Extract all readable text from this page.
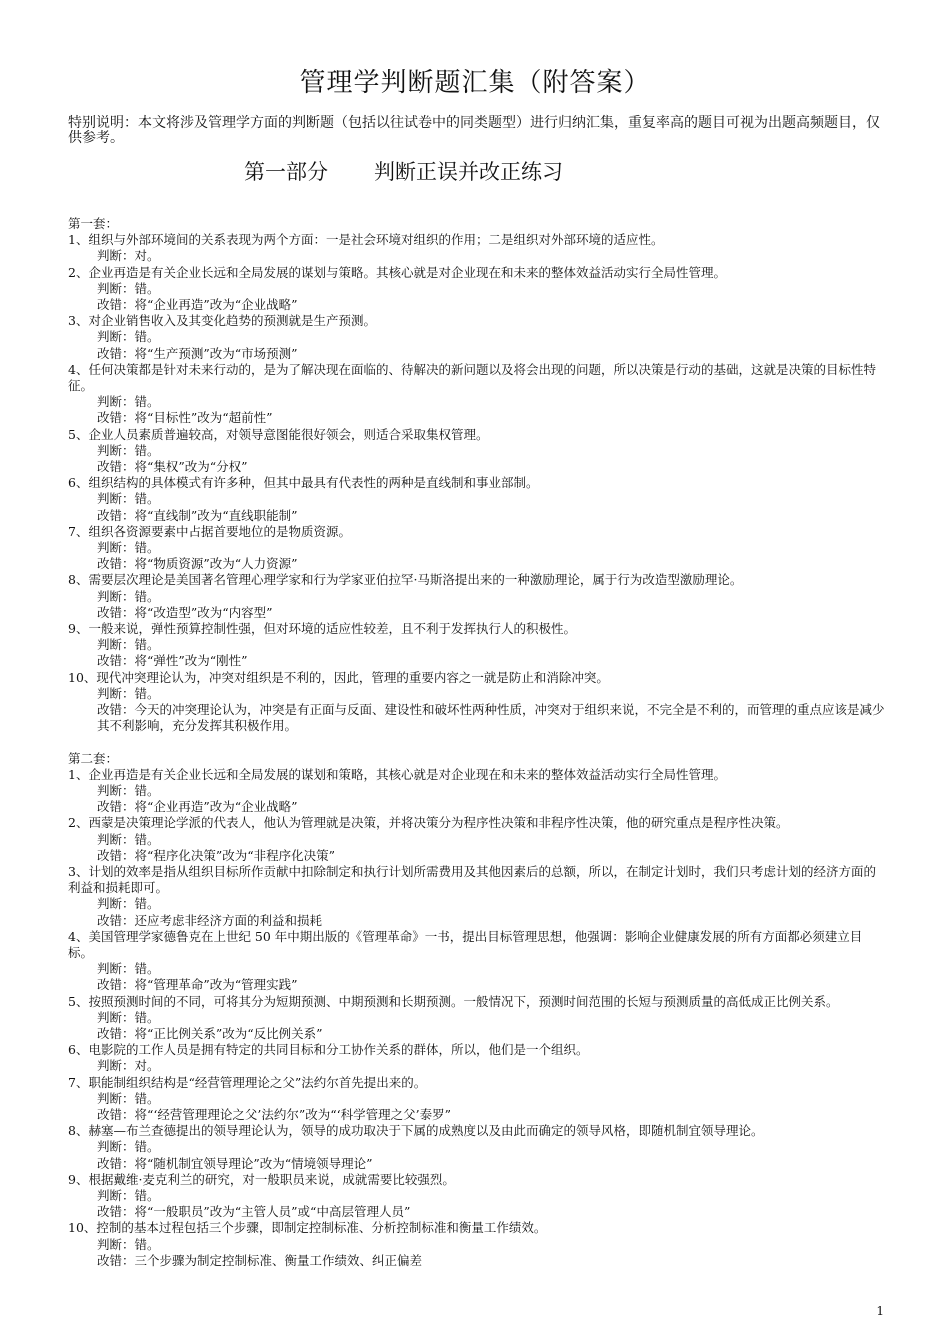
管理学判断题汇集（附答案）
特别说明：本文将涉及管理学方面的判断题（包括以往试卷中的同类题型）进行归纳汇集，重复率高的题目可视为出题高频题目，仅供参考。
第一部分 判断正误并改正练习
第一套：
1、组织与外部环境间的关系表现为两个方面：一是社会环境对组织的作用；二是组织对外部环境的适应性。
判断：对。
2、企业再造是有关企业长远和全局发展的谋划与策略。其核心就是对企业现在和未来的整体效益活动实行全局性管理。
判断：错。
改错：将“企业再造”改为“企业战略”
3、对企业销售收入及其变化趋势的预测就是生产预测。
判断：错。
改错：将“生产预测”改为“市场预测”
4、任何决策都是针对未来行动的，是为了解决现在面临的、待解决的新问题以及将会出现的问题，所以决策是行动的基础，这就是决策的目标性特征。
判断：错。
改错：将“目标性”改为“超前性”
5、企业人员素质普遍较高，对领导意图能很好领会，则适合采取集权管理。
判断：错。
改错：将“集权”改为“分权”
6、组织结构的具体模式有许多种，但其中最具有代表性的两种是直线制和事业部制。
判断：错。
改错：将“直线制”改为“直线职能制”
7、组织各资源要素中占据首要地位的是物质资源。
判断：错。
改错：将“物质资源”改为“人力资源”
8、需要层次理论是美国著名管理心理学家和行为学家亚伯拉罕·马斯洛提出来的一种激励理论，属于行为改造型激励理论。
判断：错。
改错：将“改造型”改为“内容型”
9、一般来说，弹性预算控制性强，但对环境的适应性较差，且不利于发挥执行人的积极性。
判断：错。
改错：将“弹性”改为“刚性”
10、现代冲突理论认为，冲突对组织是不利的，因此，管理的重要内容之一就是防止和消除冲突。
判断：错。
改错：今天的冲突理论认为，冲突是有正面与反面、建设性和破坏性两种性质，冲突对于组织来说，不完全是不利的，而管理的重点应该是减少其不利影响，充分发挥其积极作用。
第二套：
1、企业再造是有关企业长远和全局发展的谋划和策略，其核心就是对企业现在和未来的整体效益活动实行全局性管理。
判断：错。
改错：将“企业再造”改为“企业战略”
2、西蒙是决策理论学派的代表人，他认为管理就是决策，并将决策分为程序性决策和非程序性决策，他的研究重点是程序性决策。
判断：错。
改错：将“程序化决策”改为“非程序化决策”
3、计划的效率是指从组织目标所作贡献中扣除制定和执行计划所需费用及其他因素后的总额，所以，在制定计划时，我们只考虑计划的经济方面的利益和损耗即可。
判断：错。
改错：还应考虑非经济方面的利益和损耗
4、美国管理学家德鲁克在上世纪 50 年中期出版的《管理革命》一书，提出目标管理思想，他强调：影响企业健康发展的所有方面都必须建立目标。
判断：错。
改错：将“管理革命”改为“管理实践”
5、按照预测时间的不同，可将其分为短期预测、中期预测和长期预测。一般情况下，预测时间范围的长短与预测质量的高低成正比例关系。
判断：错。
改错：将“正比例关系”改为“反比例关系”
6、电影院的工作人员是拥有特定的共同目标和分工协作关系的群体，所以，他们是一个组织。
判断：对。
7、职能制组织结构是“经营管理理论之父”法约尔首先提出来的。
判断：错。
改错：将“‘经营管理理论之父’法约尔”改为“‘科学管理之父’泰罗”
8、赫塞—布兰查德提出的领导理论认为，领导的成功取决于下属的成熟度以及由此而确定的领导风格，即随机制宜领导理论。
判断：错。
改错：将“随机制宜领导理论”改为“情境领导理论”
9、根据戴维·麦克利兰的研究，对一般职员来说，成就需要比较强烈。
判断：错。
改错：将“一般职员”改为“主管人员”或“中高层管理人员”
10、控制的基本过程包括三个步骤，即制定控制标准、分析控制标准和衡量工作绩效。
判断：错。
改错：三个步骤为制定控制标准、衡量工作绩效、纠正偏差
1
